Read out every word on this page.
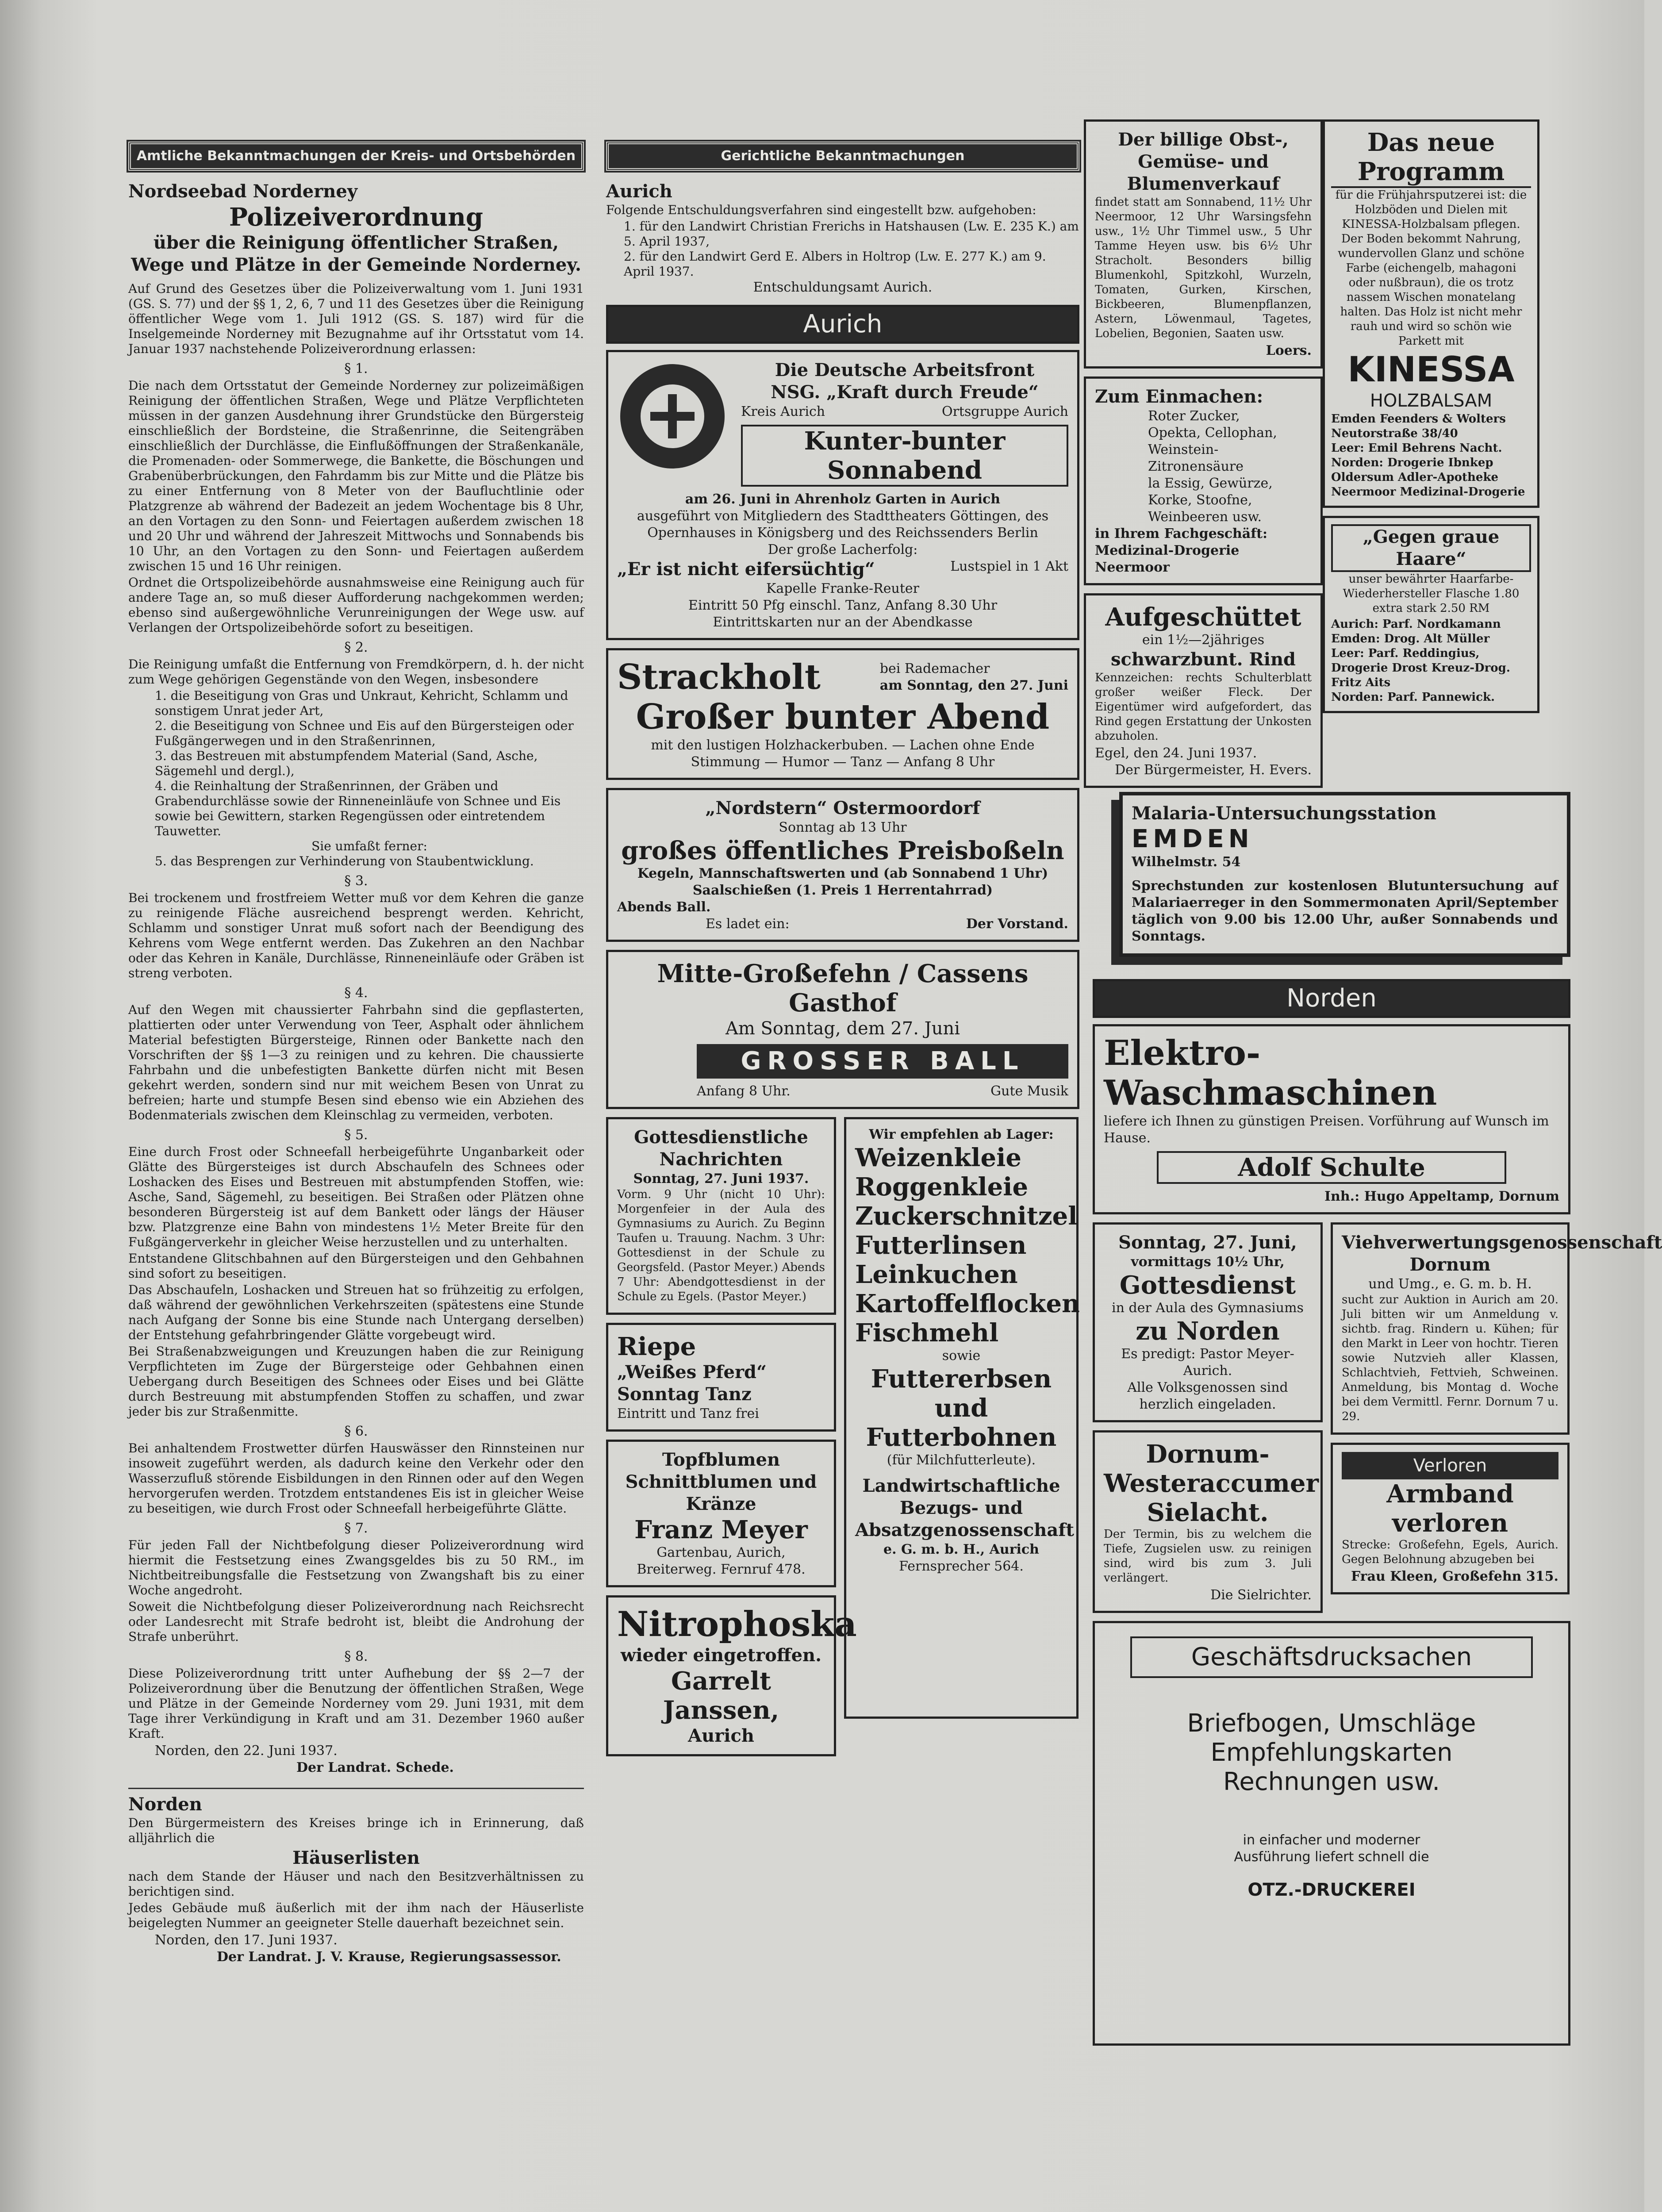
Amtliche Bekanntmachungen der Kreis- und Ortsbehörden
Nordseebad Norderney
Polizeiverordnung
über die Reinigung öffentlicher Straßen, Wege und Plätze in der Gemeinde Norderney.

Auf Grund des Gesetzes über die Polizeiverwaltung vom 1. Juni 1931 (GS. S. 77) und der §§ 1, 2, 6, 7 und 11 des Gesetzes über die Reinigung öffentlicher Wege vom 1. Juli 1912 (GS. S. 187) wird für die Inselgemeinde Norderney mit Bezugnahme auf ihr Ortsstatut vom 14. Januar 1937 nachstehende Polizeiverordnung erlassen:

§ 1.

Die nach dem Ortsstatut der Gemeinde Norderney zur polizeimäßigen Reinigung der öffentlichen Straßen, Wege und Plätze Verpflichteten müssen in der ganzen Ausdehnung ihrer Grundstücke den Bürgersteig einschließlich der Bordsteine, die Straßenrinne, die Seitengräben einschließlich der Durchlässe, die Einflußöffnungen der Straßenkanäle, die Promenaden- oder Sommerwege, die Bankette, die Böschungen und Grabenüberbrückungen, den Fahrdamm bis zur Mitte und die Plätze bis zu einer Entfernung von 8 Meter von der Baufluchtlinie oder Platzgrenze ab während der Badezeit an jedem Wochentage bis 8 Uhr, an den Vortagen zu den Sonn- und Feiertagen außerdem zwischen 18 und 20 Uhr und während der Jahreszeit Mittwochs und Sonnabends bis 10 Uhr, an den Vortagen zu den Sonn- und Feiertagen außerdem zwischen 15 und 16 Uhr reinigen.

Ordnet die Ortspolizeibehörde ausnahmsweise eine Reinigung auch für andere Tage an, so muß dieser Aufforderung nachgekommen werden; ebenso sind außergewöhnliche Verunreinigungen der Wege usw. auf Verlangen der Ortspolizeibehörde sofort zu beseitigen.

§ 2.

Die Reinigung umfaßt die Entfernung von Fremdkörpern, d. h. der nicht zum Wege gehörigen Gegenstände von den Wegen, insbesondere

1. die Beseitigung von Gras und Unkraut, Kehricht, Schlamm und sonstigem Unrat jeder Art,
2. die Beseitigung von Schnee und Eis auf den Bürgersteigen oder Fußgängerwegen und in den Straßenrinnen,
3. das Bestreuen mit abstumpfendem Material (Sand, Asche, Sägemehl und dergl.),
4. die Reinhaltung der Straßenrinnen, der Gräben und Grabendurchlässe sowie der Rinneneinläufe von Schnee und Eis sowie bei Gewittern, starken Regengüssen oder eintretendem Tauwetter.
Sie umfaßt ferner:
5. das Besprengen zur Verhinderung von Staubentwicklung.
§ 3.

Bei trockenem und frostfreiem Wetter muß vor dem Kehren die ganze zu reinigende Fläche ausreichend besprengt werden. Kehricht, Schlamm und sonstiger Unrat muß sofort nach der Beendigung des Kehrens vom Wege entfernt werden. Das Zukehren an den Nachbar oder das Kehren in Kanäle, Durchlässe, Rinneneinläufe oder Gräben ist streng verboten.

§ 4.

Auf den Wegen mit chaussierter Fahrbahn sind die gepflasterten, plattierten oder unter Verwendung von Teer, Asphalt oder ähnlichem Material befestigten Bürgersteige, Rinnen oder Bankette nach den Vorschriften der §§ 1—3 zu reinigen und zu kehren. Die chaussierte Fahrbahn und die unbefestigten Bankette dürfen nicht mit Besen gekehrt werden, sondern sind nur mit weichem Besen von Unrat zu befreien; harte und stumpfe Besen sind ebenso wie ein Abziehen des Bodenmaterials zwischen dem Kleinschlag zu vermeiden, verboten.

§ 5.

Eine durch Frost oder Schneefall herbeigeführte Unganbarkeit oder Glätte des Bürgersteiges ist durch Abschaufeln des Schnees oder Loshacken des Eises und Bestreuen mit abstumpfenden Stoffen, wie: Asche, Sand, Sägemehl, zu beseitigen. Bei Straßen oder Plätzen ohne besonderen Bürgersteig ist auf dem Bankett oder längs der Häuser bzw. Platzgrenze eine Bahn von mindestens 1½ Meter Breite für den Fußgängerverkehr in gleicher Weise herzustellen und zu unterhalten.

Entstandene Glitschbahnen auf den Bürgersteigen und den Gehbahnen sind sofort zu beseitigen.

Das Abschaufeln, Loshacken und Streuen hat so frühzeitig zu erfolgen, daß während der gewöhnlichen Verkehrszeiten (spätestens eine Stunde nach Aufgang der Sonne bis eine Stunde nach Untergang derselben) der Entstehung gefahrbringender Glätte vorgebeugt wird.

Bei Straßenabzweigungen und Kreuzungen haben die zur Reinigung Verpflichteten im Zuge der Bürgersteige oder Gehbahnen einen Uebergang durch Beseitigen des Schnees oder Eises und bei Glätte durch Bestreuung mit abstumpfenden Stoffen zu schaffen, und zwar jeder bis zur Straßenmitte.

§ 6.

Bei anhaltendem Frostwetter dürfen Hauswässer den Rinnsteinen nur insoweit zugeführt werden, als dadurch keine den Verkehr oder den Wasserzufluß störende Eisbildungen in den Rinnen oder auf den Wegen hervorgerufen werden. Trotzdem entstandenes Eis ist in gleicher Weise zu beseitigen, wie durch Frost oder Schneefall herbeigeführte Glätte.

§ 7.

Für jeden Fall der Nichtbefolgung dieser Polizeiverordnung wird hiermit die Festsetzung eines Zwangsgeldes bis zu 50 RM., im Nichtbeitreibungsfalle die Festsetzung von Zwangshaft bis zu einer Woche angedroht.

Soweit die Nichtbefolgung dieser Polizeiverordnung nach Reichsrecht oder Landesrecht mit Strafe bedroht ist, bleibt die Androhung der Strafe unberührt.

§ 8.

Diese Polizeiverordnung tritt unter Aufhebung der §§ 2—7 der Polizeiverordnung über die Benutzung der öffentlichen Straßen, Wege und Plätze in der Gemeinde Norderney vom 29. Juni 1931, mit dem Tage ihrer Verkündigung in Kraft und am 31. Dezember 1960 außer Kraft.

Norden, den 22. Juni 1937.
Der Landrat. Schede.
Norden

Den Bürgermeistern des Kreises bringe ich in Erinnerung, daß alljährlich die

Häuserlisten

nach dem Stande der Häuser und nach den Besitzverhältnissen zu berichtigen sind.

Jedes Gebäude muß äußerlich mit der ihm nach der Häuserliste beigelegten Nummer an geeigneter Stelle dauerhaft bezeichnet sein.

Norden, den 17. Juni 1937.
Der Landrat. J. V. Krause, Regierungsassessor.
Gerichtliche Bekanntmachungen
Aurich

Folgende Entschuldungsverfahren sind eingestellt bzw. aufgehoben:

1. für den Landwirt Christian Frerichs in Hatshausen (Lw. E. 235 K.) am 5. April 1937,
2. für den Landwirt Gerd E. Albers in Holtrop (Lw. E. 277 K.) am 9. April 1937.
Entschuldungsamt Aurich.
Aurich
Die Deutsche Arbeitsfront
NSG. „Kraft durch Freude“
Kreis Aurich	Ortsgruppe Aurich
Kunter-bunter Sonnabend
am 26. Juni in Ahrenholz Garten in Aurich
ausgeführt von Mitgliedern des Stadttheaters Göttingen, des Opernhauses in Königsberg und des Reichssenders Berlin
Der große Lacherfolg:
„Er ist nicht eifersüchtig“	Lustspiel in 1 Akt
Kapelle Franke-Reuter
Eintritt 50 Pfg einschl. Tanz, Anfang 8.30 Uhr
Eintrittskarten nur an der Abendkasse
Strackholt	bei Rademacher
am Sonntag, den 27. Juni
Großer bunter Abend
mit den lustigen Holzhackerbuben. — Lachen ohne Ende
Stimmung — Humor — Tanz — Anfang 8 Uhr
„Nordstern“ Ostermoordorf
Sonntag ab 13 Uhr
großes öffentliches Preisboßeln
Kegeln, Mannschaftswerten und (ab Sonnabend 1 Uhr)
Saalschießen (1. Preis 1 Herrentahrrad)
Abends Ball.
Es ladet ein:	Der Vorstand.
Mitte-Großefehn / Cassens Gasthof
Am Sonntag, dem 27. Juni
GROSSER BALL
Anfang 8 Uhr.	Gute Musik
Gottesdienstliche Nachrichten
Sonntag, 27. Juni 1937.

Vorm. 9 Uhr (nicht 10 Uhr): Morgenfeier in der Aula des Gymnasiums zu Aurich. Zu Beginn Taufen u. Trauung. Nachm. 3 Uhr: Gottesdienst in der Schule zu Georgsfeld. (Pastor Meyer.) Abends 7 Uhr: Abendgottesdienst in der Schule zu Egels. (Pastor Meyer.)

Riepe
„Weißes Pferd“
Sonntag Tanz
Eintritt und Tanz frei
Topfblumen Schnittblumen und Kränze
Franz Meyer
Gartenbau, Aurich, Breiterweg. Fernruf 478.
Nitrophoska
wieder eingetroffen.
Garrelt Janssen,
Aurich
Wir empfehlen ab Lager:
Weizenkleie
Roggenkleie
Zuckerschnitzel
Futterlinsen
Leinkuchen
Kartoffelflocken
Fischmehl
sowie
Futtererbsen und Futterbohnen
(für Milchfutterleute).
Landwirtschaftliche Bezugs- und Absatzgenossenschaft
e. G. m. b. H., Aurich
Fernsprecher 564.
Der billige Obst-, Gemüse- und Blumenverkauf

findet statt am Sonnabend, 11½ Uhr Neermoor, 12 Uhr Warsingsfehn usw., 1½ Uhr Timmel usw., 5 Uhr Tamme Heyen usw. bis 6½ Uhr Stracholt. Besonders billig Blumenkohl, Spitzkohl, Wurzeln, Tomaten, Gurken, Kirschen, Bickbeeren, Blumenpflanzen, Astern, Löwenmaul, Tagetes, Lobelien, Begonien, Saaten usw.

Loers.
Zum Einmachen:
Roter Zucker,
Opekta, Cellophan,
Weinstein- Zitronensäure
la Essig, Gewürze,
Korke, Stoofne,
Weinbeeren usw.
in Ihrem Fachgeschäft:
Medizinal-Drogerie Neermoor
Aufgeschüttet
ein 1½—2jähriges
schwarzbunt. Rind

Kennzeichen: rechts Schulterblatt großer weißer Fleck. Der Eigentümer wird aufgefordert, das Rind gegen Erstattung der Unkosten abzuholen.

Egel, den 24. Juni 1937.
Der Bürgermeister, H. Evers.
Das neue Programm

für die Frühjahrsputzerei ist: die Holzböden und Dielen mit KINESSA-Holzbalsam pflegen. Der Boden bekommt Nahrung, wundervollen Glanz und schöne Farbe (eichengelb, mahagoni oder nußbraun), die os trotz nassem Wischen monatelang halten. Das Holz ist nicht mehr rauh und wird so schön wie Parkett mit

KINESSA
HOLZBALSAM
Emden Feenders & Wolters Neutorstraße 38/40
Leer: Emil Behrens Nacht.
Norden: Drogerie Ibnkep
Oldersum Adler-Apotheke
Neermoor Medizinal-Drogerie
„Gegen graue Haare“

unser bewährter Haarfarbe-Wiederhersteller Flasche 1.80 extra stark 2.50 RM

Aurich: Parf. Nordkamann
Emden: Drog. Alt Müller
Leer: Parf. Reddingius, Drogerie Drost Kreuz-Drog. Fritz Aits
Norden: Parf. Pannewick.
Malaria-Untersuchungsstation
EMDEN
Wilhelmstr. 54

Sprechstunden zur kostenlosen Blutuntersuchung auf Malariaerreger in den Sommermonaten April/September täglich von 9.00 bis 12.00 Uhr, außer Sonnabends und Sonntags.

Norden
Elektro-Waschmaschinen
liefere ich Ihnen zu günstigen Preisen. Vorführung auf Wunsch im Hause.
Adolf Schulte
Inh.: Hugo Appeltamp, Dornum
Sonntag, 27. Juni,
vormittags 10½ Uhr,
Gottesdienst
in der Aula des Gymnasiums
zu Norden
Es predigt: Pastor Meyer-Aurich.
Alle Volksgenossen sind herzlich eingeladen.
Dornum-Westeraccumer Sielacht.

Der Termin, bis zu welchem die Tiefe, Zugsielen usw. zu reinigen sind, wird bis zum 3. Juli verlängert.

Die Sielrichter.
Viehverwertungsgenossenschaft Dornum
und Umg., e. G. m. b. H.

sucht zur Auktion in Aurich am 20. Juli bitten wir um Anmeldung v. sichtb. frag. Rindern u. Kühen; für den Markt in Leer von hochtr. Tieren sowie Nutzvieh aller Klassen, Schlachtvieh, Fettvieh, Schweinen. Anmeldung, bis Montag d. Woche bei dem Vermittl. Fernr. Dornum 7 u. 29.

Verloren
Armband verloren

Strecke: Großefehn, Egels, Aurich. Gegen Belohnung abzugeben bei

Frau Kleen, Großefehn 315.
Geschäftsdrucksachen
Briefbogen, Umschläge
Empfehlungskarten
Rechnungen usw.
in einfacher und moderner Ausführung liefert schnell die
OTZ.-DRUCKEREI
